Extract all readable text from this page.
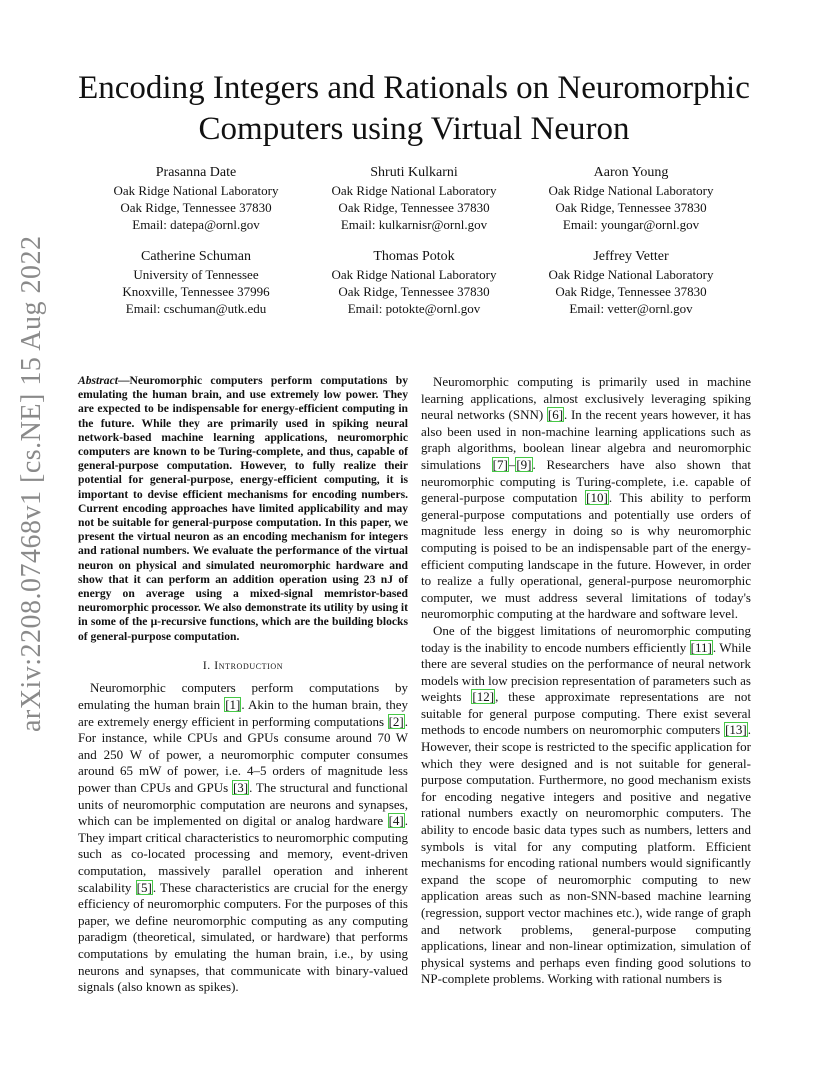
arXiv:2208.07468v1 [cs.NE] 15 Aug 2022
Encoding Integers and Rationals on Neuromorphic
Computers using Virtual Neuron
Prasanna Date
Oak Ridge National Laboratory
Oak Ridge, Tennessee 37830
Email: datepa@ornl.gov
Shruti Kulkarni
Oak Ridge National Laboratory
Oak Ridge, Tennessee 37830
Email: kulkarnisr@ornl.gov
Aaron Young
Oak Ridge National Laboratory
Oak Ridge, Tennessee 37830
Email: youngar@ornl.gov
Catherine Schuman
University of Tennessee
Knoxville, Tennessee 37996
Email: cschuman@utk.edu
Thomas Potok
Oak Ridge National Laboratory
Oak Ridge, Tennessee 37830
Email: potokte@ornl.gov
Jeffrey Vetter
Oak Ridge National Laboratory
Oak Ridge, Tennessee 37830
Email: vetter@ornl.gov

Abstract—Neuromorphic computers perform computations by emulating the human brain, and use extremely low power. They are expected to be indispensable for energy-efficient computing in the future. While they are primarily used in spiking neural network-based machine learning applications, neuromorphic computers are known to be Turing-complete, and thus, capable of general-purpose computation. However, to fully realize their potential for general-purpose, energy-efficient computing, it is important to devise efficient mechanisms for encoding numbers. Current encoding approaches have limited applicability and may not be suitable for general-purpose computation. In this paper, we present the virtual neuron as an encoding mechanism for integers and rational numbers. We evaluate the performance of the virtual neuron on physical and simulated neuromorphic hardware and show that it can perform an addition operation using 23 nJ of energy on average using a mixed-signal memristor-based neuromorphic processor. We also demonstrate its utility by using it in some of the μ-recursive functions, which are the building blocks of general-purpose computation.

I. Introduction

Neuromorphic computers perform computations by emulating the human brain [1]. Akin to the human brain, they are extremely energy efficient in performing computations [2]. For instance, while CPUs and GPUs consume around 70 W and 250 W of power, a neuromorphic computer consumes around 65 mW of power, i.e. 4–5 orders of magnitude less power than CPUs and GPUs [3]. The structural and functional units of neuromorphic computation are neurons and synapses, which can be implemented on digital or analog hardware [4]. They impart critical characteristics to neuromorphic computing such as co-located processing and memory, event-driven computation, massively parallel operation and inherent scalability [5]. These characteristics are crucial for the energy efficiency of neuromorphic computers. For the purposes of this paper, we define neuromorphic computing as any computing paradigm (theoretical, simulated, or hardware) that performs computations by emulating the human brain, i.e., by using neurons and synapses, that communicate with binary-valued signals (also known as spikes).

Neuromorphic computing is primarily used in machine learning applications, almost exclusively leveraging spiking neural networks (SNN) [6]. In the recent years however, it has also been used in non-machine learning applications such as graph algorithms, boolean linear algebra and neuromorphic simulations [7]–[9]. Researchers have also shown that neuromorphic computing is Turing-complete, i.e. capable of general-purpose computation [10]. This ability to perform general-purpose computations and potentially use orders of magnitude less energy in doing so is why neuromorphic computing is poised to be an indispensable part of the energy-efficient computing landscape in the future. However, in order to realize a fully operational, general-purpose neuromorphic computer, we must address several limitations of today's neuromorphic computing at the hardware and software level.

One of the biggest limitations of neuromorphic computing today is the inability to encode numbers efficiently [11]. While there are several studies on the performance of neural network models with low precision representation of parameters such as weights [12], these approximate representations are not suitable for general purpose computing. There exist several methods to encode numbers on neuromorphic computers [13]. However, their scope is restricted to the specific application for which they were designed and is not suitable for general-purpose computation. Furthermore, no good mechanism exists for encoding negative integers and positive and negative rational numbers exactly on neuromorphic computers. The ability to encode basic data types such as numbers, letters and symbols is vital for any computing platform. Efficient mechanisms for encoding rational numbers would significantly expand the scope of neuromorphic computing to new application areas such as non-SNN-based machine learning (regression, support vector machines etc.), wide range of graph and network problems, general-purpose computing applications, linear and non-linear optimization, simulation of physical systems and perhaps even finding good solutions to NP-complete problems. Working with rational numbers is
